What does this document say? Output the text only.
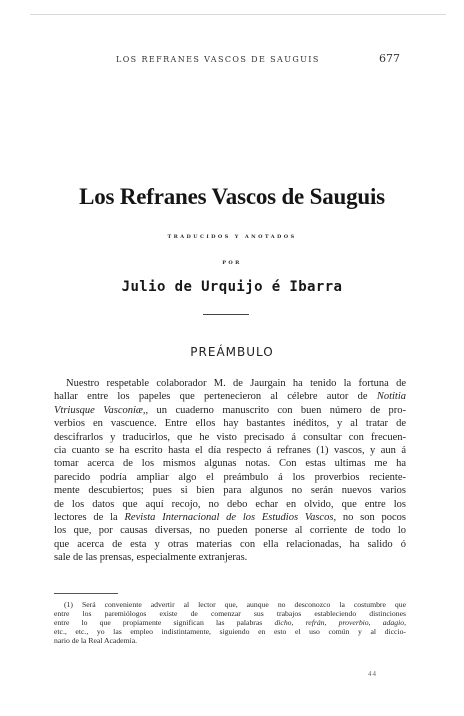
LOS REFRANES VASCOS DE SAUGUIS	677
Los Refranes Vascos de Sauguis
TRADUCIDOS Y ANOTADOS
POR
Julio de Urquijo é Ibarra
PREÁMBULO
Nuestro respetable colaborador M. de Jaurgain ha tenido la fortuna de
hallar entre los papeles que pertenecieron al célebre autor de Notitia
Vtriusque Vasconiæ,, un cuaderno manuscrito con buen número de pro-
verbios en vascuence. Entre ellos hay bastantes inéditos, y al tratar de
descifrarlos y traducirlos, que he visto precisado á consultar con frecuen-
cia cuanto se ha escrito hasta el día respecto á refranes (1) vascos, y aun á
tomar acerca de los mismos algunas notas. Con estas ultimas me ha
parecido podría ampliar algo el preámbulo á los proverbios reciente-
mente descubiertos; pues si bien para algunos no serán nuevos varios
de los datos que aquí recojo, no debo echar en olvido, que entre los
lectores de la Revista Internacional de los Estudios Vascos, no son pocos
los que, por causas diversas, no pueden ponerse al corriente de todo lo
que acerca de esta y otras materias con ella relacionadas, ha salido ó
sale de las prensas, especialmente extranjeras.
(1) Será conveniente advertir al lector que, aunque no desconozco la costumbre que
entre los paremiólogos existe de comenzar sus trabajos estableciendo distinciones
entre lo que propiamente significan las palabras dicho, refrán, proverbio, adagio,
etc., etc., yo las empleo indistintamente, siguiendo en esto el uso común y al diccio-
nario de la Real Academia.
44
